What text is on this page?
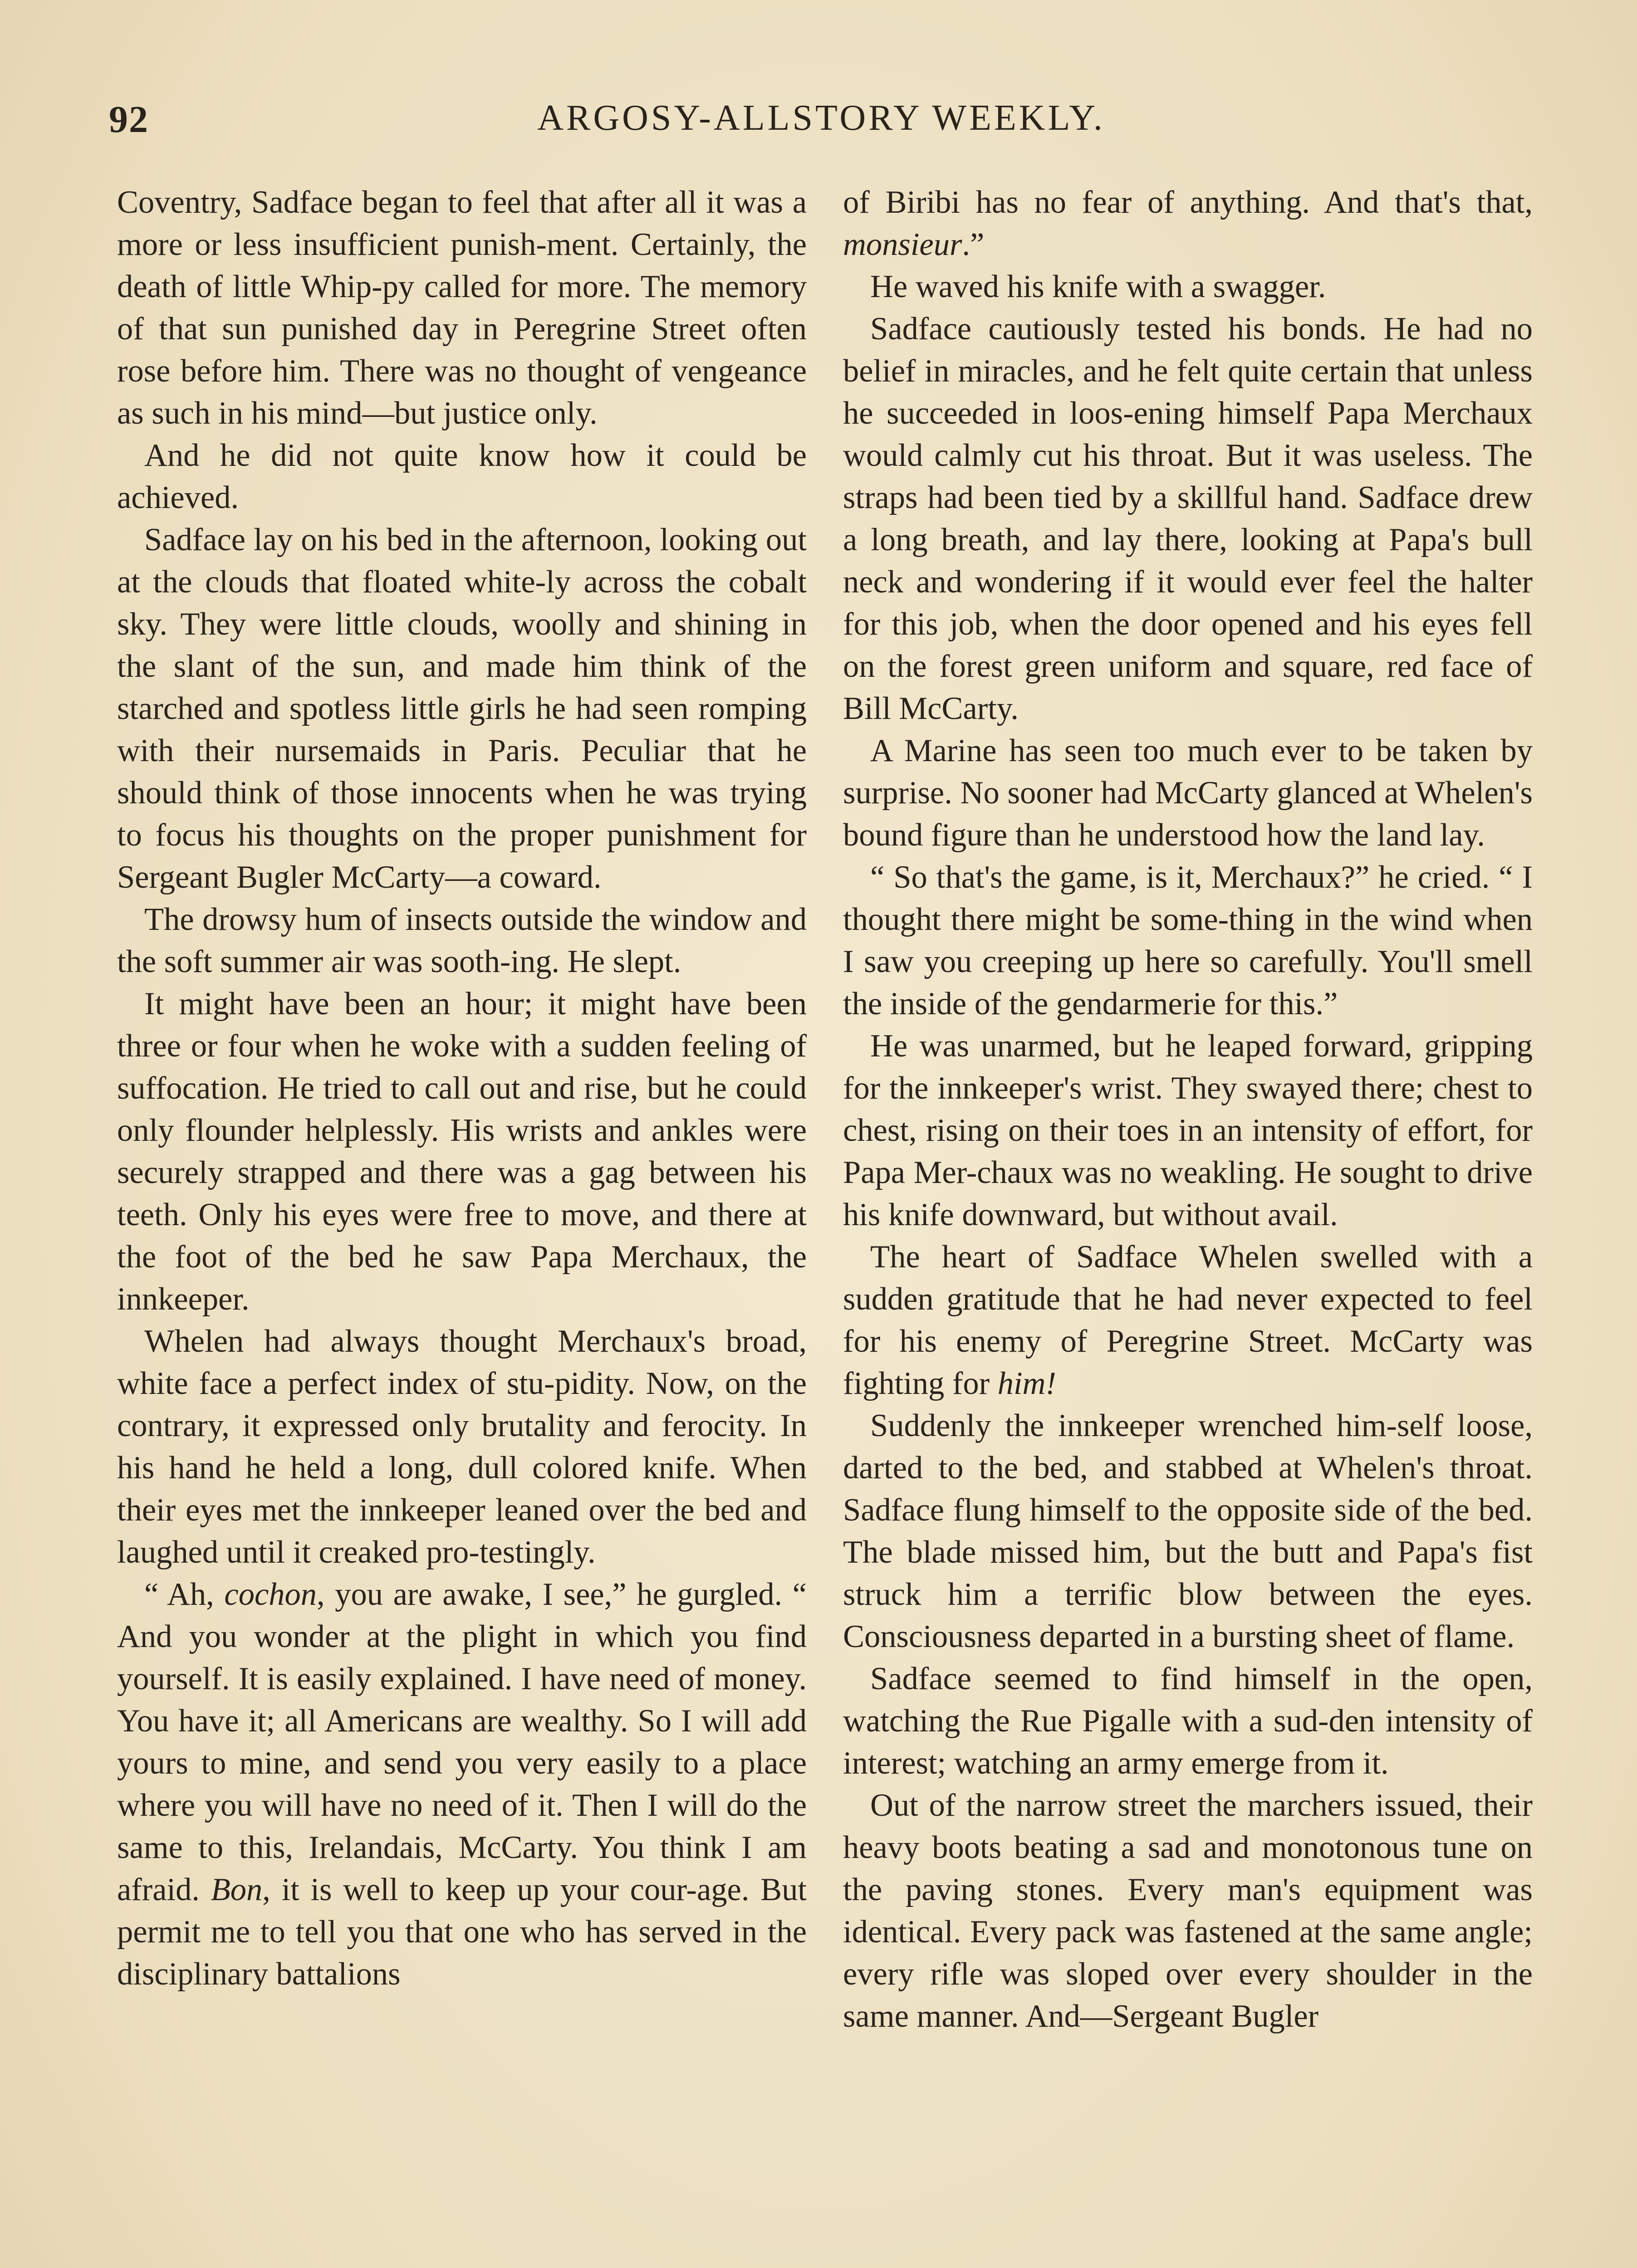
92	ARGOSY-ALLSTORY WEEKLY.

Coventry, Sadface began to feel that after all it was a more or less insufficient punish-ment. Certainly, the death of little Whip-py called for more. The memory of that sun punished day in Peregrine Street often rose before him. There was no thought of vengeance as such in his mind—but justice only.

And he did not quite know how it could be achieved.

Sadface lay on his bed in the afternoon, looking out at the clouds that floated white-ly across the cobalt sky. They were little clouds, woolly and shining in the slant of the sun, and made him think of the starched and spotless little girls he had seen romping with their nursemaids in Paris. Peculiar that he should think of those innocents when he was trying to focus his thoughts on the proper punishment for Sergeant Bugler McCarty—a coward.

The drowsy hum of insects outside the window and the soft summer air was sooth-ing. He slept.

It might have been an hour; it might have been three or four when he woke with a sudden feeling of suffocation. He tried to call out and rise, but he could only flounder helplessly. His wrists and ankles were securely strapped and there was a gag between his teeth. Only his eyes were free to move, and there at the foot of the bed he saw Papa Merchaux, the innkeeper.

Whelen had always thought Merchaux's broad, white face a perfect index of stu-pidity. Now, on the contrary, it expressed only brutality and ferocity. In his hand he held a long, dull colored knife. When their eyes met the innkeeper leaned over the bed and laughed until it creaked pro-testingly.

“ Ah, cochon, you are awake, I see,” he gurgled. “ And you wonder at the plight in which you find yourself. It is easily explained. I have need of money. You have it; all Americans are wealthy. So I will add yours to mine, and send you very easily to a place where you will have no need of it. Then I will do the same to this, Irelandais, McCarty. You think I am afraid. Bon, it is well to keep up your cour-age. But permit me to tell you that one who has served in the disciplinary battalions

of Biribi has no fear of anything. And that's that, monsieur.”

He waved his knife with a swagger.

Sadface cautiously tested his bonds. He had no belief in miracles, and he felt quite certain that unless he succeeded in loos-ening himself Papa Merchaux would calmly cut his throat. But it was useless. The straps had been tied by a skillful hand. Sadface drew a long breath, and lay there, looking at Papa's bull neck and wondering if it would ever feel the halter for this job, when the door opened and his eyes fell on the forest green uniform and square, red face of Bill McCarty.

A Marine has seen too much ever to be taken by surprise. No sooner had McCarty glanced at Whelen's bound figure than he understood how the land lay.

“ So that's the game, is it, Merchaux?” he cried. “ I thought there might be some-thing in the wind when I saw you creeping up here so carefully. You'll smell the inside of the gendarmerie for this.”

He was unarmed, but he leaped forward, gripping for the innkeeper's wrist. They swayed there; chest to chest, rising on their toes in an intensity of effort, for Papa Mer-chaux was no weakling. He sought to drive his knife downward, but without avail.

The heart of Sadface Whelen swelled with a sudden gratitude that he had never expected to feel for his enemy of Peregrine Street. McCarty was fighting for him!

Suddenly the innkeeper wrenched him-self loose, darted to the bed, and stabbed at Whelen's throat. Sadface flung himself to the opposite side of the bed. The blade missed him, but the butt and Papa's fist struck him a terrific blow between the eyes. Consciousness departed in a bursting sheet of flame.

Sadface seemed to find himself in the open, watching the Rue Pigalle with a sud-den intensity of interest; watching an army emerge from it.

Out of the narrow street the marchers issued, their heavy boots beating a sad and monotonous tune on the paving stones. Every man's equipment was identical. Every pack was fastened at the same angle; every rifle was sloped over every shoulder in the same manner. And—Sergeant Bugler
